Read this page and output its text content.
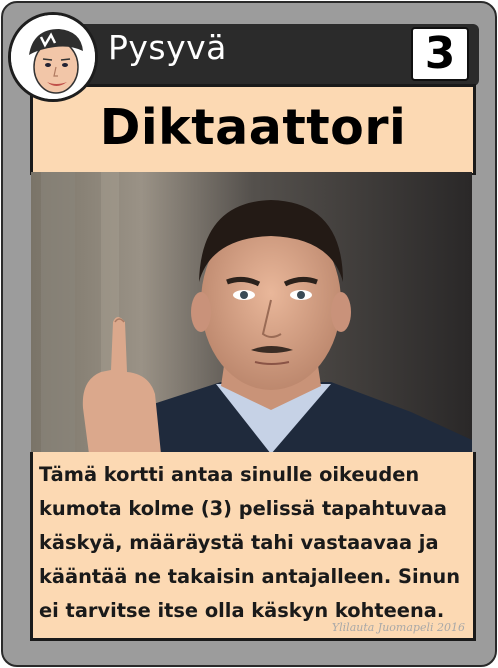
Pysyvä	3
Diktaattori
Tämä kortti antaa sinulle oikeuden kumota kolme (3) pelissä tapahtuvaa käskyä, määräystä tahi vastaavaa ja kääntää ne takaisin antajalleen. Sinun ei tarvitse itse olla käskyn kohteena.
Ylilauta Juomapeli 2016
